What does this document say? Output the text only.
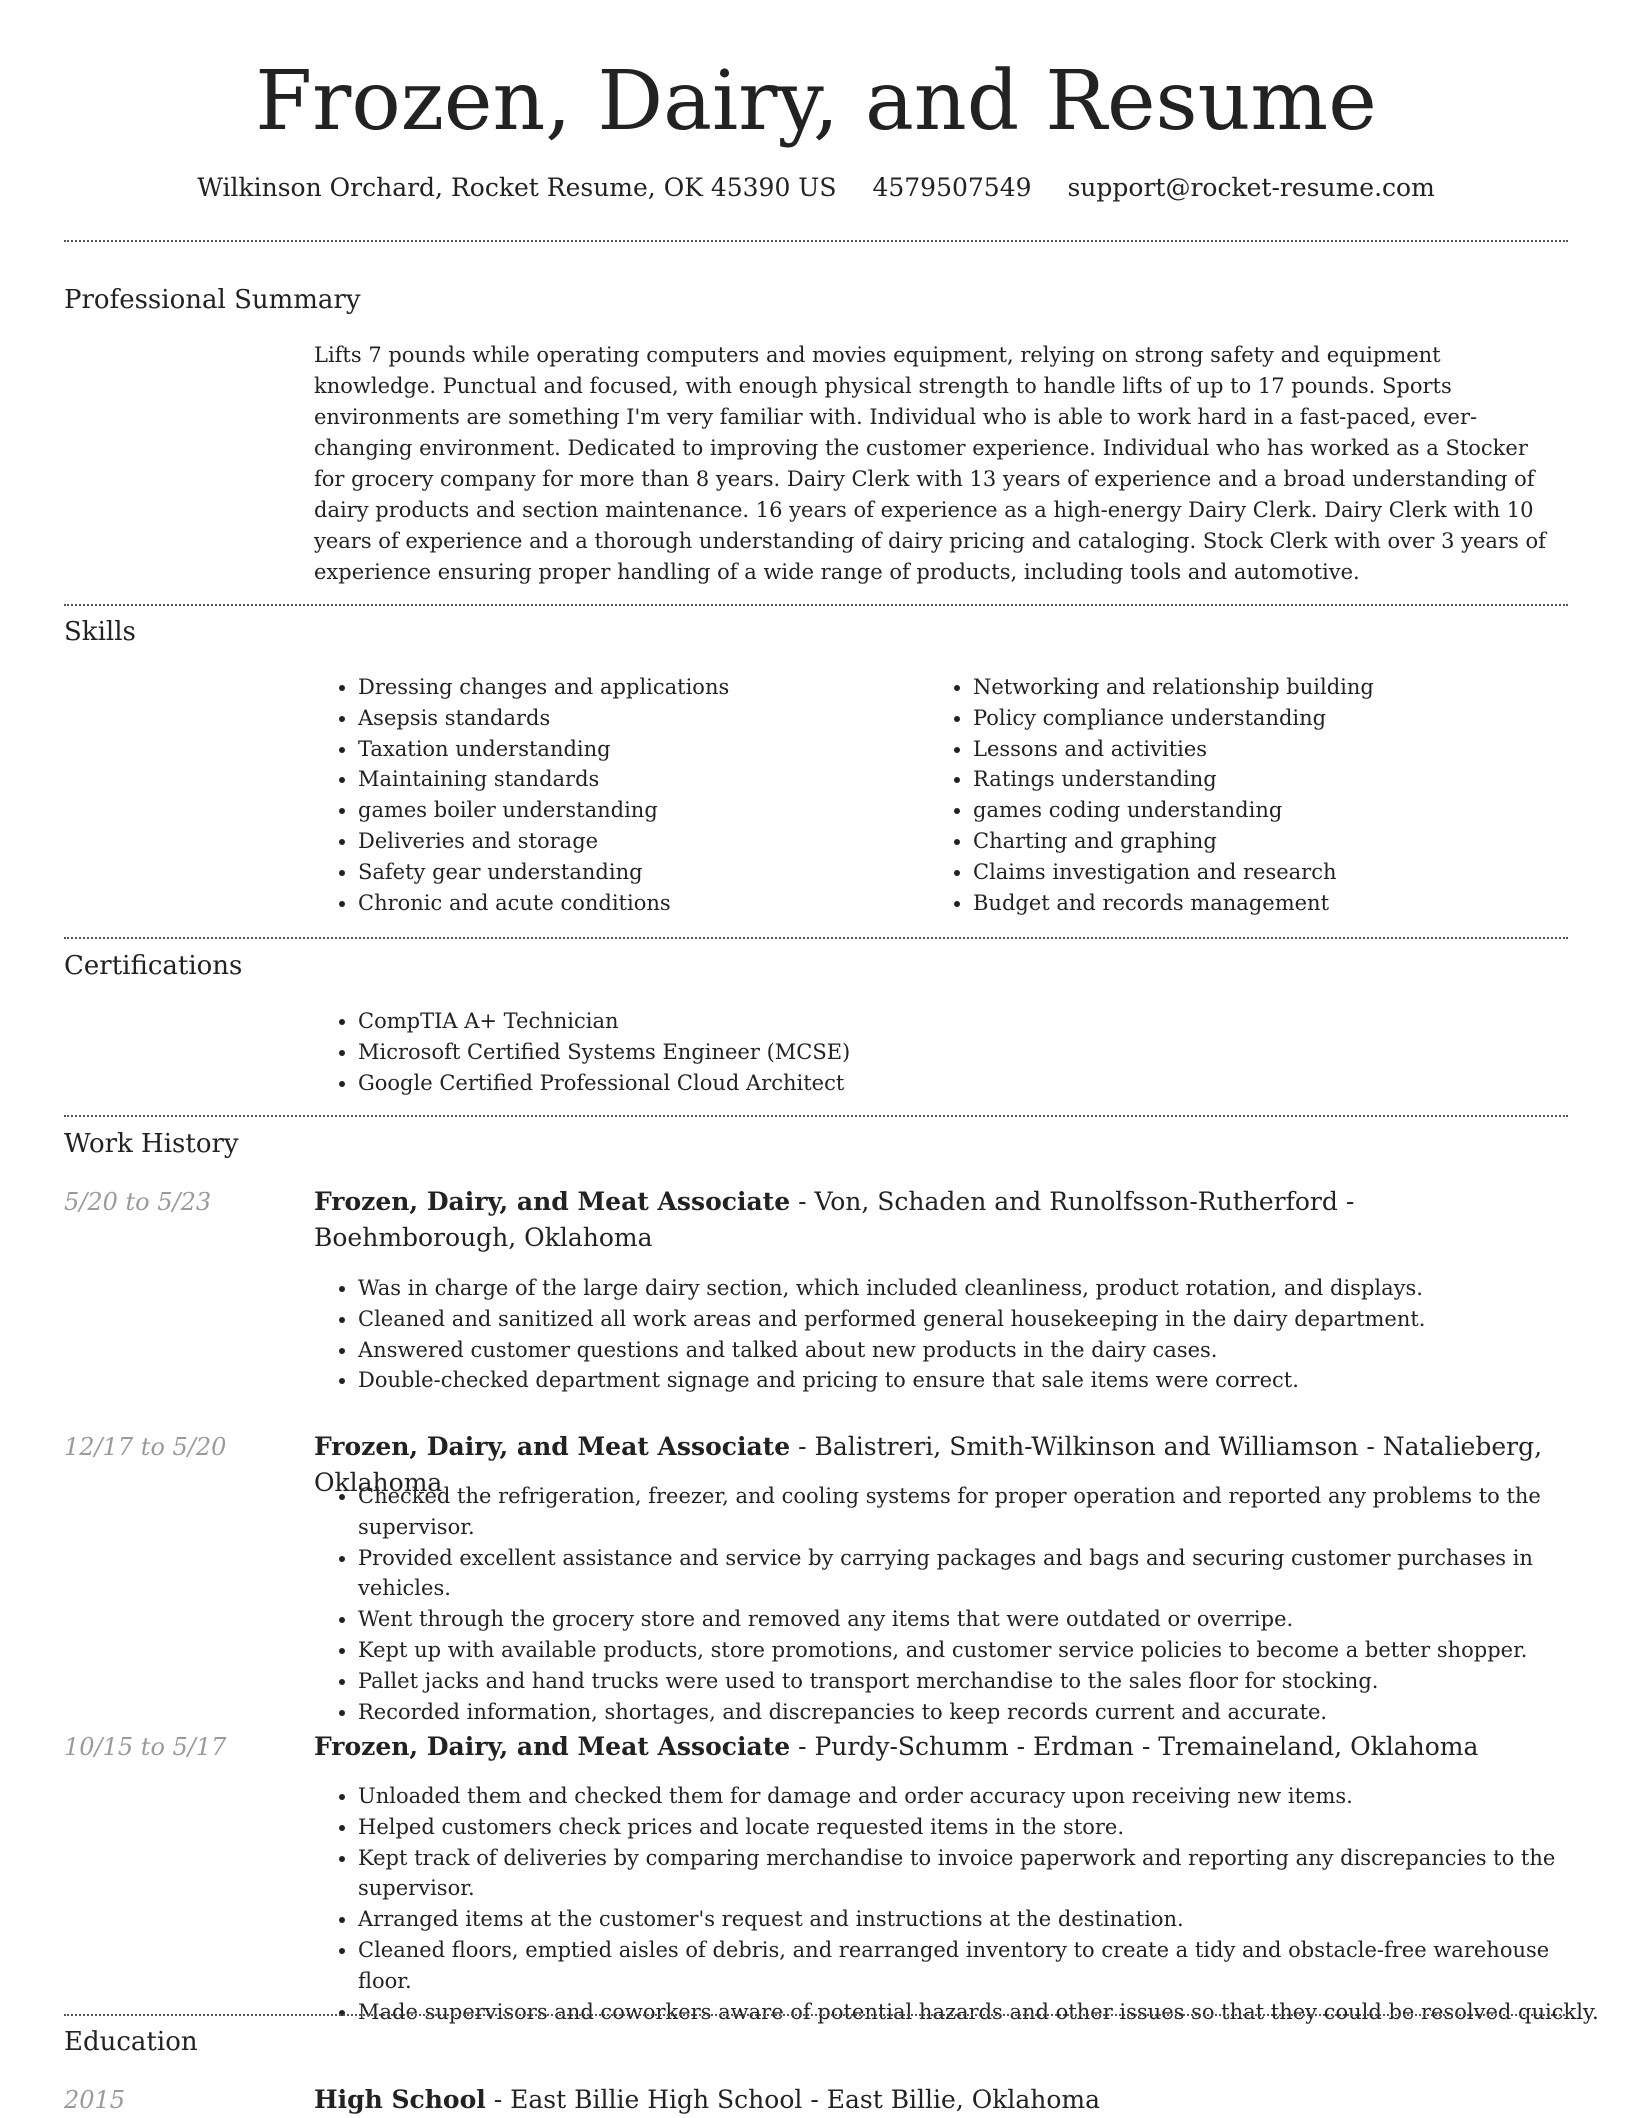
Frozen, Dairy, and Resume
Wilkinson Orchard, Rocket Resume, OK 45390 US 4579507549 support@rocket-resume.com
Professional Summary

Lifts 7 pounds while operating computers and movies equipment, relying on strong safety and equipment knowledge. Punctual and focused, with enough physical strength to handle lifts of up to 17 pounds. Sports environments are something I'm very familiar with. Individual who is able to work hard in a fast-paced, ever-changing environment. Dedicated to improving the customer experience. Individual who has worked as a Stocker for grocery company for more than 8 years. Dairy Clerk with 13 years of experience and a broad understanding of dairy products and section maintenance. 16 years of experience as a high-energy Dairy Clerk. Dairy Clerk with 10 years of experience and a thorough understanding of dairy pricing and cataloging. Stock Clerk with over 3 years of experience ensuring proper handling of a wide range of products, including tools and automotive.

Skills
• Dressing changes and applications
• Asepsis standards
• Taxation understanding
• Maintaining standards
• games boiler understanding
• Deliveries and storage
• Safety gear understanding
• Chronic and acute conditions
• Networking and relationship building
• Policy compliance understanding
• Lessons and activities
• Ratings understanding
• games coding understanding
• Charting and graphing
• Claims investigation and research
• Budget and records management
Certifications
• CompTIA A+ Technician
• Microsoft Certified Systems Engineer (MCSE)
• Google Certified Professional Cloud Architect
Work History
5/20 to 5/23	Frozen, Dairy, and Meat Associate - Von, Schaden and Runolfsson-Rutherford - Boehmborough, Oklahoma
• Was in charge of the large dairy section, which included cleanliness, product rotation, and displays.
• Cleaned and sanitized all work areas and performed general housekeeping in the dairy department.
• Answered customer questions and talked about new products in the dairy cases.
• Double-checked department signage and pricing to ensure that sale items were correct.
12/17 to 5/20	Frozen, Dairy, and Meat Associate - Balistreri, Smith-Wilkinson and Williamson - Natalieberg, Oklahoma
• Checked the refrigeration, freezer, and cooling systems for proper operation and reported any problems to the supervisor.
• Provided excellent assistance and service by carrying packages and bags and securing customer purchases in vehicles.
• Went through the grocery store and removed any items that were outdated or overripe.
• Kept up with available products, store promotions, and customer service policies to become a better shopper.
• Pallet jacks and hand trucks were used to transport merchandise to the sales floor for stocking.
• Recorded information, shortages, and discrepancies to keep records current and accurate.
10/15 to 5/17	Frozen, Dairy, and Meat Associate - Purdy-Schumm - Erdman - Tremaineland, Oklahoma
• Unloaded them and checked them for damage and order accuracy upon receiving new items.
• Helped customers check prices and locate requested items in the store.
• Kept track of deliveries by comparing merchandise to invoice paperwork and reporting any discrepancies to the supervisor.
• Arranged items at the customer's request and instructions at the destination.
• Cleaned floors, emptied aisles of debris, and rearranged inventory to create a tidy and obstacle-free warehouse floor.
• Made supervisors and coworkers aware of potential hazards and other issues so that they could be resolved quickly.
Education
2015	High School - East Billie High School - East Billie, Oklahoma
